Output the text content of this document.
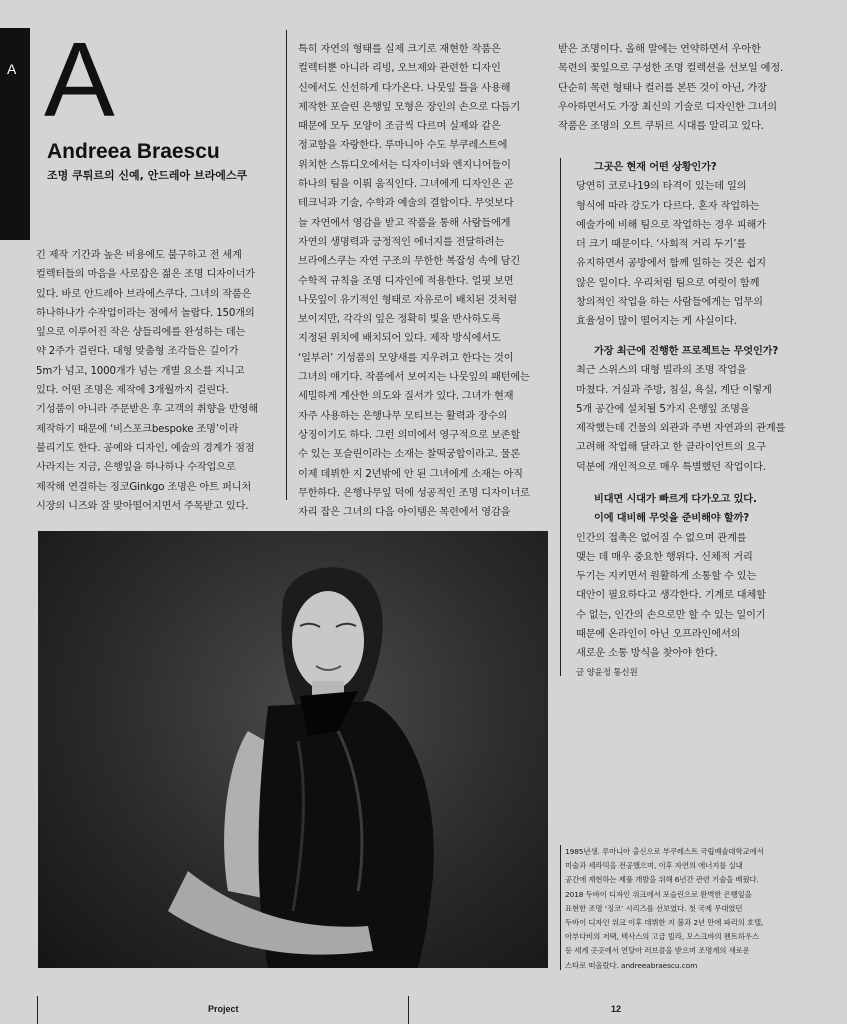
A A
Andreea Braescu
조명 쿠튀르의 신예, 안드레아 브라에스쿠

긴 제작 기간과 높은 비용에도 불구하고 전 세계

컬렉터들의 마음을 사로잡은 젊은 조명 디자이너가

있다. 바로 안드레아 브라에스쿠다. 그녀의 작품은

하나하나가 수작업이라는 점에서 놀랍다. 150개의

잎으로 이루어진 작은 샹들리에를 완성하는 데는

약 2주가 걸린다. 대형 맞춤형 조각들은 길이가

5m가 넘고, 1000개가 넘는 개별 요소를 지니고

있다. 어떤 조명은 제작에 3개월까지 걸린다.

기성품이 아니라 주문받은 후 고객의 취향을 반영해

제작하기 때문에 ‘비스포크bespoke 조명’이라

불리기도 한다. 공예와 디자인, 예술의 경계가 점점

사라지는 지금, 은행잎을 하나하나 수작업으로

제작해 연결하는 징코Ginkgo 조명은 아트 퍼니처

시장의 니즈와 잘 맞아떨어지면서 주목받고 있다.

특히 자연의 형태를 실제 크기로 재현한 작품은

컬렉터뿐 아니라 리빙, 오브제와 관련한 디자인

신에서도 신선하게 다가온다. 나뭇잎 틀을 사용해

제작한 포슬린 은행잎 모형은 장인의 손으로 다듬기

때문에 모두 모양이 조금씩 다르며 실제와 같은

정교함을 자랑한다. 루마니아 수도 부쿠레스트에

위치한 스튜디오에서는 디자이너와 엔지니어들이

하나의 팀을 이뤄 움직인다. 그녀에게 디자인은 곧

테크닉과 기술, 수학과 예술의 결합이다. 무엇보다

늘 자연에서 영감을 받고 작품을 통해 사람들에게

자연의 생명력과 긍정적인 에너지를 전달하려는

브라에스쿠는 자연 구조의 무한한 복잡성 속에 담긴

수학적 규칙을 조명 디자인에 적용한다. 얼핏 보면

나뭇잎이 유기적인 형태로 자유로이 배치된 것처럼

보이지만, 각각의 잎은 정확히 빛을 반사하도록

지정된 위치에 배치되어 있다. 제작 방식에서도

‘일부러’ 기성품의 모양새를 지우려고 한다는 것이

그녀의 얘기다. 작품에서 보여지는 나뭇잎의 패턴에는

세밀하게 계산한 의도와 질서가 있다. 그녀가 현재

자주 사용하는 은행나무 모티브는 활력과 장수의

상징이기도 하다. 그런 의미에서 영구적으로 보존할

수 있는 포슬린이라는 소재는 찰떡궁합이라고. 물론

이제 데뷔한 지 2년밖에 안 된 그녀에게 소재는 아직

무한하다. 은행나무잎 덕에 성공적인 조명 디자이너로

자리 잡은 그녀의 다음 아이템은 목련에서 영감을

받은 조명이다. 올해 말에는 연약하면서 우아한

목련의 꽃잎으로 구성한 조명 컬렉션을 선보일 예정.

단순히 목련 형태나 컬러를 본뜬 것이 아닌, 가장

우아하면서도 가장 최신의 기술로 디자인한 그녀의

작품은 조명의 오트 쿠튀르 시대를 알리고 있다.

그곳은 현재 어떤 상황인가?

당연히 코로나19의 타격이 있는데 일의

형식에 따라 강도가 다르다. 혼자 작업하는

예술가에 비해 팀으로 작업하는 경우 피해가

더 크기 때문이다. ‘사회적 거리 두기’를

유지하면서 공방에서 함께 일하는 것은 쉽지

않은 일이다. 우리처럼 팀으로 여럿이 함께

창의적인 작업을 하는 사람들에게는 업무의

효율성이 많이 떨어지는 게 사실이다.

가장 최근에 진행한 프로젝트는 무엇인가?

최근 스위스의 대형 빌라의 조명 작업을

마쳤다. 거실과 주방, 침실, 욕실, 계단 이렇게

5개 공간에 설치될 5가지 은행잎 조명을

제작했는데 건물의 외관과 주변 자연과의 관계를

고려해 작업해 달라고 한 클라이언트의 요구

덕분에 개인적으로 매우 특별했던 작업이다.

비대면 시대가 빠르게 다가오고 있다.

이에 대비해 무엇을 준비해야 할까?

인간의 접촉은 없어질 수 없으며 관계를

맺는 데 매우 중요한 행위다. 신체적 거리

두기는 지키면서 원활하게 소통할 수 있는

대안이 필요하다고 생각한다. 기계로 대체할

수 없는, 인간의 손으로만 할 수 있는 일이기

때문에 온라인이 아닌 오프라인에서의

새로운 소통 방식을 찾아야 한다.

글 양윤정 통신원

1985년생. 루마니아 출신으로 부쿠레스트 국립예술대학교에서

미술과 세라믹을 전공했으며, 이후 자연의 에너지를 실내

공간에 재현하는 제품 개발을 위해 6년간 관련 기술을 배웠다.

2018 두바이 디자인 위크에서 포슬린으로 완벽한 은행잎을

표현한 조명 ‘징코’ 시리즈를 선보였다. 첫 국제 무대였던

두바이 디자인 위크 이후 데뷔한 지 불과 2년 만에 파리의 호텔,

아부다비의 저택, 텍사스의 고급 빌라, 모스크바의 펜트하우스

등 세계 곳곳에서 연달아 러브콜을 받으며 조명계의 새로운

스타로 떠올랐다. andreeabraescu.com

Project	12
